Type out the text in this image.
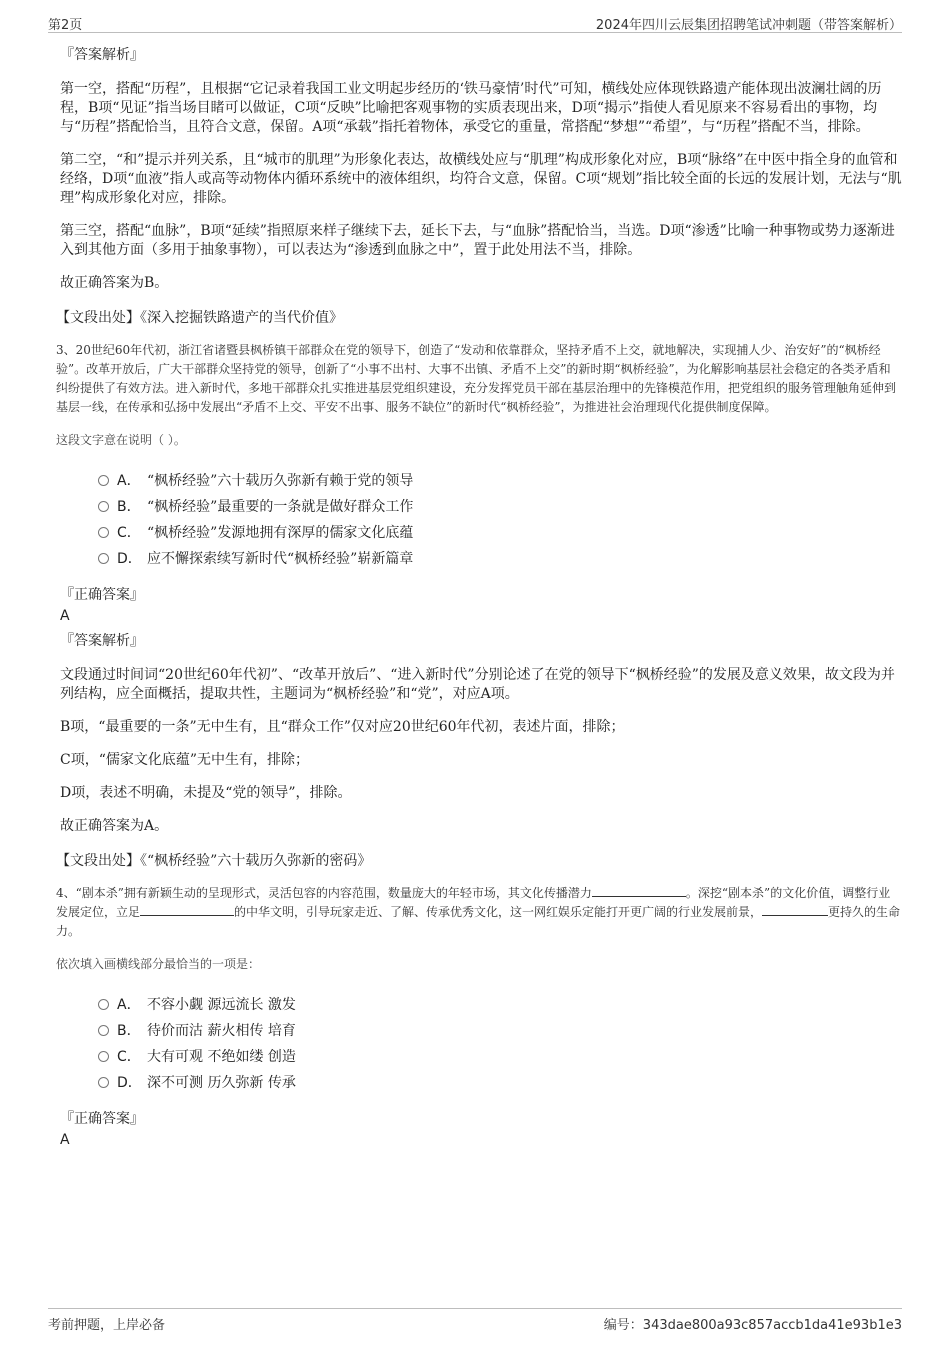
第2页	2024年四川云辰集团招聘笔试冲刺题（带答案解析）
『答案解析』
第一空，搭配“历程”，且根据“它记录着我国工业文明起步经历的‘铁马豪情’时代”可知，横线处应体现铁路遗产能体现出波澜壮阔的历程，B项“见证”指当场目睹可以做证，C项“反映”比喻把客观事物的实质表现出来，D项“揭示”指使人看见原来不容易看出的事物，均与“历程”搭配恰当，且符合文意，保留。A项“承载”指托着物体，承受它的重量，常搭配“梦想”“希望”，与“历程”搭配不当，排除。
第二空，“和”提示并列关系，且“城市的肌理”为形象化表达，故横线处应与“肌理”构成形象化对应，B项“脉络”在中医中指全身的血管和经络，D项“血液”指人或高等动物体内循环系统中的液体组织，均符合文意，保留。C项“规划”指比较全面的长远的发展计划，无法与“肌理”构成形象化对应，排除。
第三空，搭配“血脉”，B项“延续”指照原来样子继续下去，延长下去，与“血脉”搭配恰当，当选。D项“渗透”比喻一种事物或势力逐渐进入到其他方面（多用于抽象事物），可以表达为“渗透到血脉之中”，置于此处用法不当，排除。
故正确答案为B。
【文段出处】《深入挖掘铁路遗产的当代价值》
3、20世纪60年代初，浙江省诸暨县枫桥镇干部群众在党的领导下，创造了“发动和依靠群众，坚持矛盾不上交，就地解决，实现捕人少、治安好”的“枫桥经验”。改革开放后，广大干部群众坚持党的领导，创新了“小事不出村、大事不出镇、矛盾不上交”的新时期“枫桥经验”，为化解影响基层社会稳定的各类矛盾和纠纷提供了有效方法。进入新时代，多地干部群众扎实推进基层党组织建设，充分发挥党员干部在基层治理中的先锋模范作用，把党组织的服务管理触角延伸到基层一线，在传承和弘扬中发展出“矛盾不上交、平安不出事、服务不缺位”的新时代“枫桥经验”，为推进社会治理现代化提供制度保障。
这段文字意在说明（ ）。
A． “枫桥经验”六十载历久弥新有赖于党的领导
B． “枫桥经验”最重要的一条就是做好群众工作
C． “枫桥经验”发源地拥有深厚的儒家文化底蕴
D． 应不懈探索续写新时代“枫桥经验”崭新篇章
『正确答案』
A
『答案解析』
文段通过时间词“20世纪60年代初”、“改革开放后”、“进入新时代”分别论述了在党的领导下“枫桥经验”的发展及意义效果，故文段为并列结构，应全面概括，提取共性，主题词为“枫桥经验”和“党”，对应A项。
B项，“最重要的一条”无中生有，且“群众工作”仅对应20世纪60年代初，表述片面，排除；
C项，“儒家文化底蕴”无中生有，排除；
D项，表述不明确，未提及“党的领导”，排除。
故正确答案为A。
【文段出处】《“枫桥经验”六十载历久弥新的密码》
4、“剧本杀”拥有新颖生动的呈现形式，灵活包容的内容范围，数量庞大的年轻市场，其文化传播潜力	。深挖“剧本杀”的文化价值，调整行业发展定位，立足	的中华文明，引导玩家走近、了解、传承优秀文化，这一网红娱乐定能打开更广阔的行业发展前景，	更持久的生命力。
依次填入画横线部分最恰当的一项是：
A． 不容小觑 源远流长 激发
B． 待价而沽 薪火相传 培育
C． 大有可观 不绝如缕 创造
D． 深不可测 历久弥新 传承
『正确答案』
A
考前押题，上岸必备	编号：343dae800a93c857accb1da41e93b1e3
